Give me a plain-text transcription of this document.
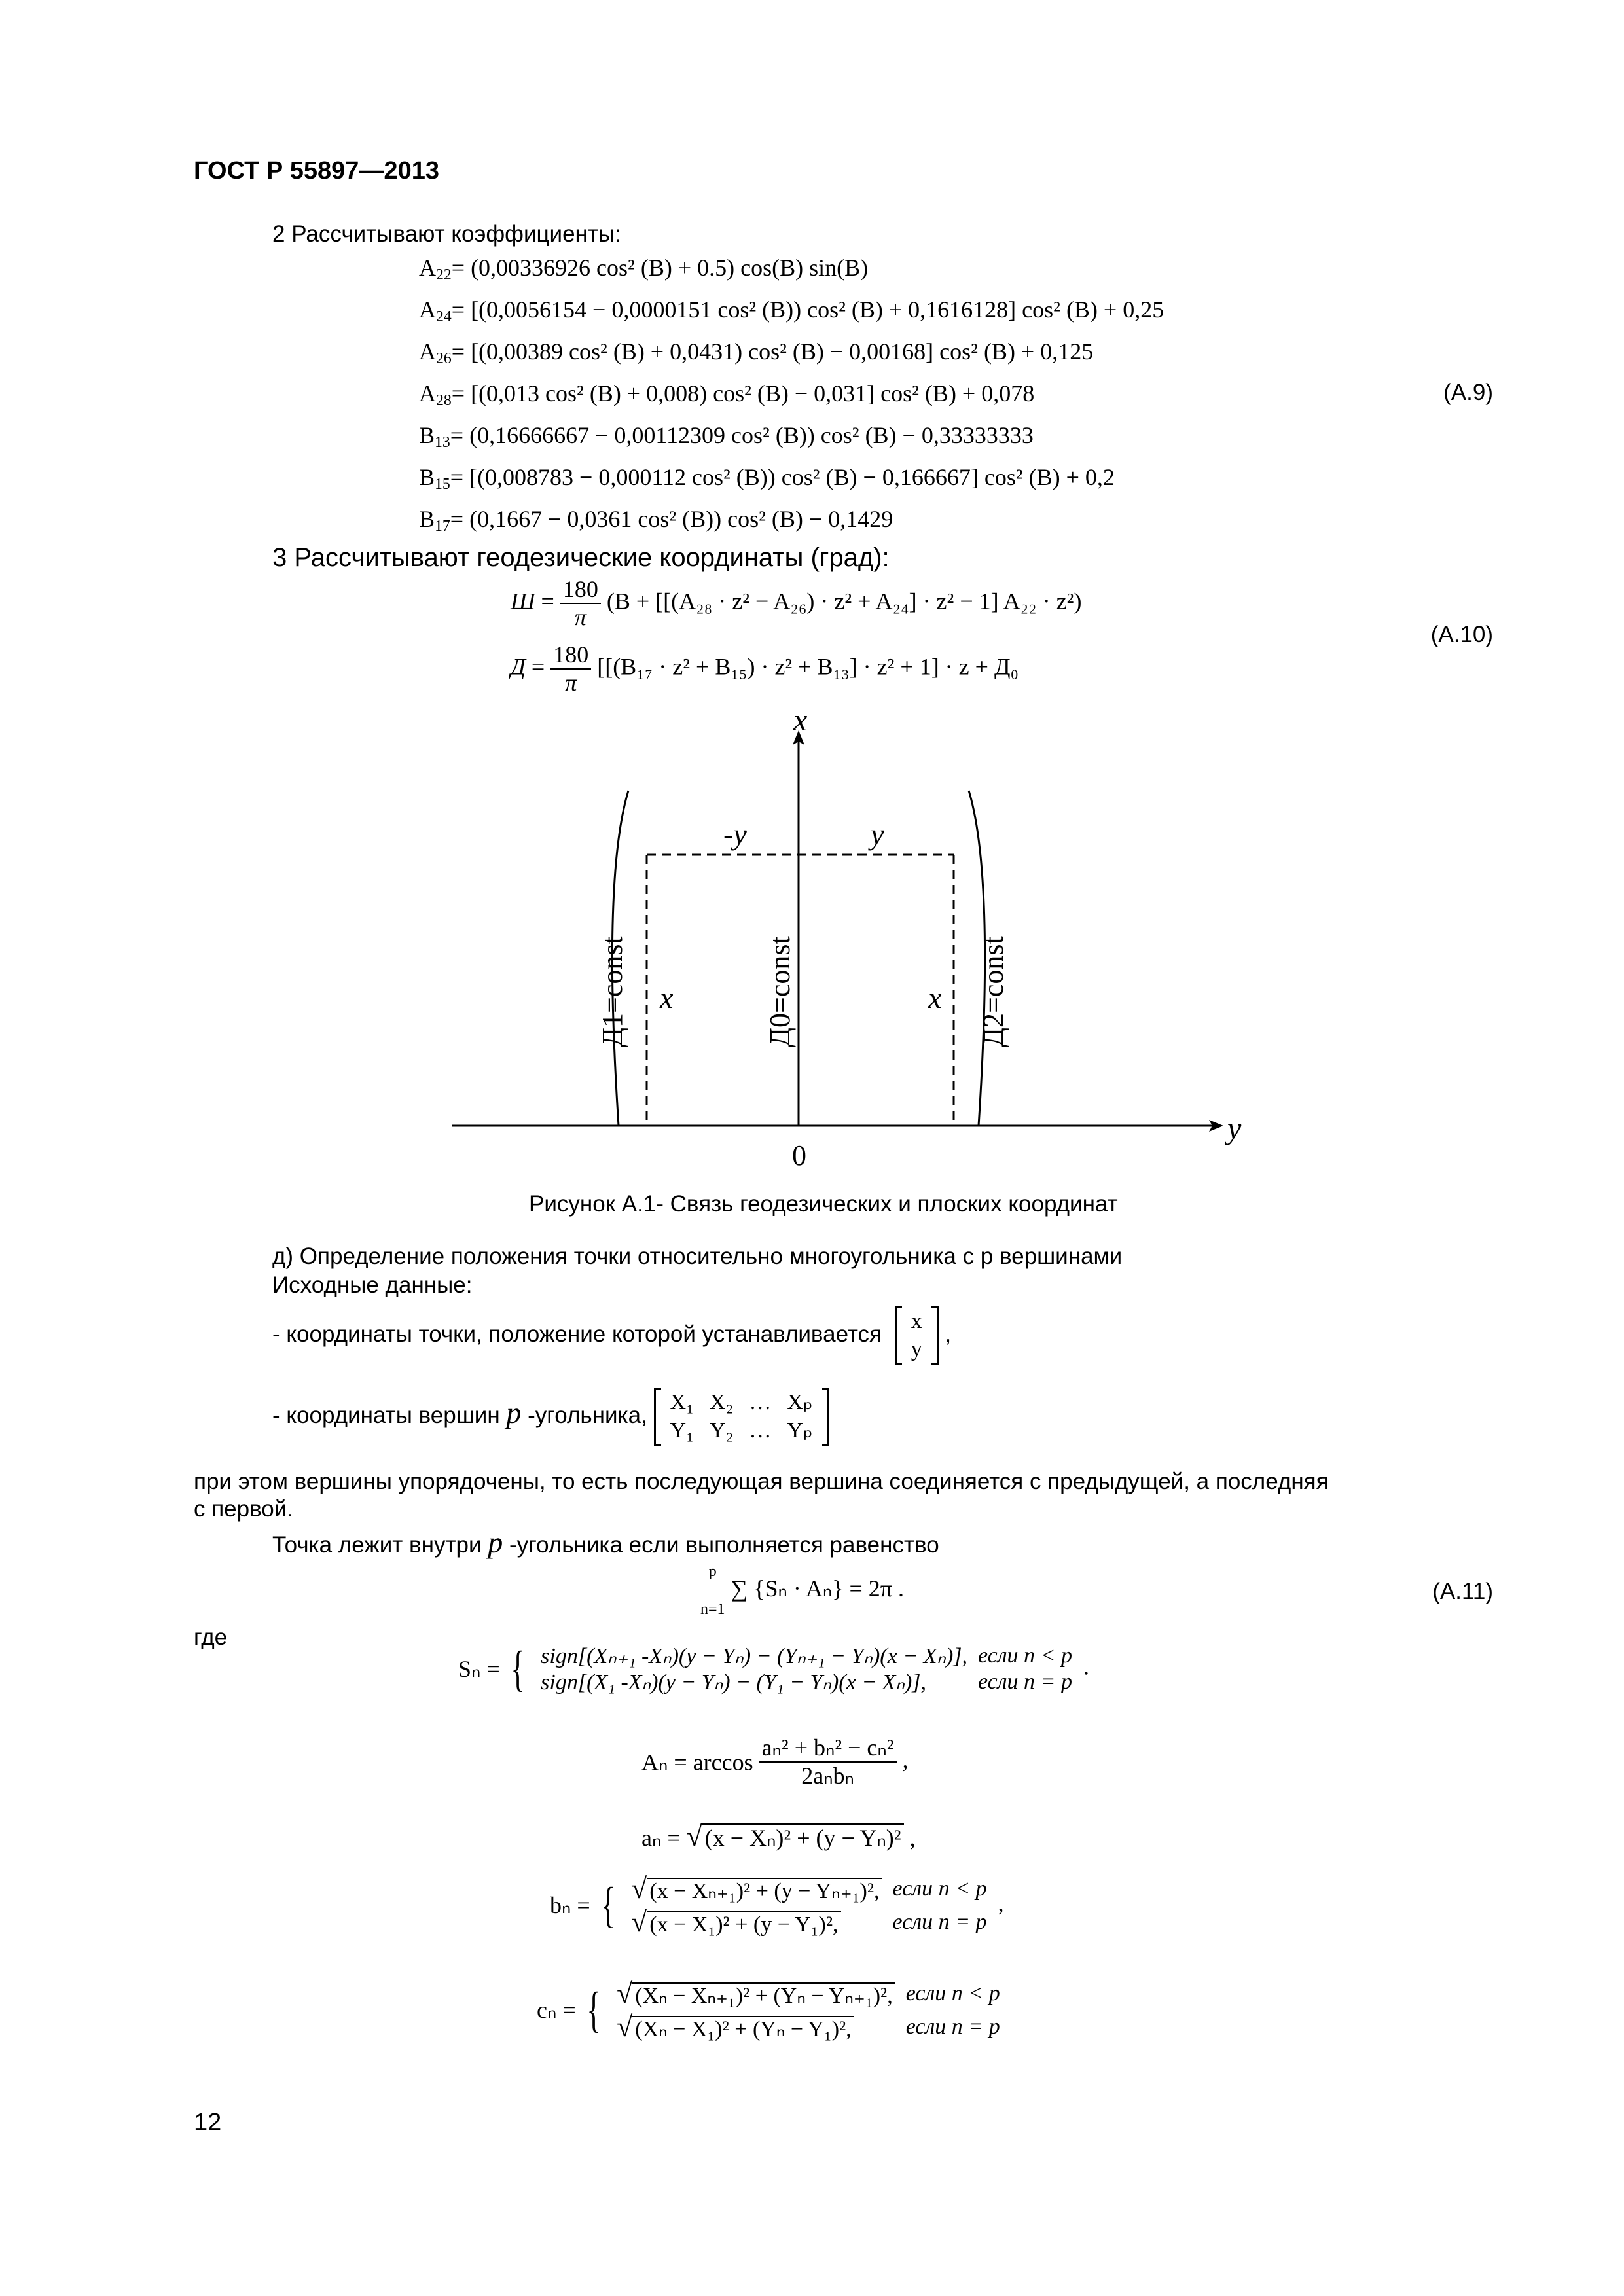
ГОСТ Р 55897—2013
2 Рассчитывают коэффициенты:
$A_{22}= (0,00336926$ cos² (B) + 0.5) cos(B) sin(B)
$A_{24}= [(0,0056154 - 0,0000151$ cos² (B)) cos² (B) + 0,1616128] cos² (B) + 0,25
$A_{26}= [(0,00389$ cos² (B) + 0,0431) cos² (B) − 0,00168] cos² (B) + 0,125
$A_{28}= [(0,013$ cos² (B) + 0,008) cos² (B) − 0,031] cos² (B) + 0,078
$B_{13}= (0,16666667 - 0,00112309$ cos² (B)) cos² (B) − 0,33333333
$B_{15}= [(0,008783 - 0,000112$ cos² (B)) cos² (B) − 0,166667] cos² (B) + 0,2
$B_{17}= (0,1667 - 0,0361$ cos² (B)) cos² (B) − 0,1429
(A.9)
3 Рассчитывают геодезические координаты (град):
$Ш = \frac{180}{\pi} (B + [[(A_{28} \cdot z^2 - A_{26}) \cdot z^2 + A_{24}] \cdot z^2 - 1] A_{22} \cdot z^2)$
$Д = \frac{180}{\pi} [[(B_{17} \cdot z^2 + B_{15}) \cdot z^2 + B_{13}] \cdot z^2 + 1] \cdot z + Д_0$
(A.10)
x
y
0
-y	y
x	x
Д1=const	Д0=const	Д2=const
Рисунок А.1- Связь геодезических и плоских координат
д) Определение положения точки относительно многоугольника с p вершинами
Исходные данные:
- координаты точки, положение которой устанавливается
x
y
,
- координаты вершин p -угольника,
X₁	X₂	…	Xₚ
Y₁	Y₂	…	Yₚ
при этом вершины упорядочены, то есть последующая вершина соединяется с предыдущей, а последняя
с первой.
Точка лежит внутри p -угольника если выполняется равенство
p
n=1
∑ {Sₙ · Aₙ} = 2π .	(A.11)
где
Sₙ = { sign[(Xₙ₊₁ -Xₙ)(y − Yₙ) − (Yₙ₊₁ − Yₙ)(x − Xₙ)],	если n < p
sign[(X₁ -Xₙ)(y − Yₙ) − (Y₁ − Yₙ)(x − Xₙ)],	если n = p .
$A_n = \arccos \frac{\text{aₙ² + bₙ² − cₙ²}}{\text{2aₙbₙ}}$ ,
aₙ = √ (x − Xₙ)² + (y − Yₙ)² ,
bₙ = { √ (x − Xₙ₊₁)² + (y − Yₙ₊₁)²,	если n < p
√ (x − X₁)² + (y − Y₁)²,	если n = p ,
cₙ = { √ (Xₙ − Xₙ₊₁)² + (Yₙ − Yₙ₊₁)²,	если n < p
√ (Xₙ − X₁)² + (Yₙ − Y₁)²,	если n = p
12
